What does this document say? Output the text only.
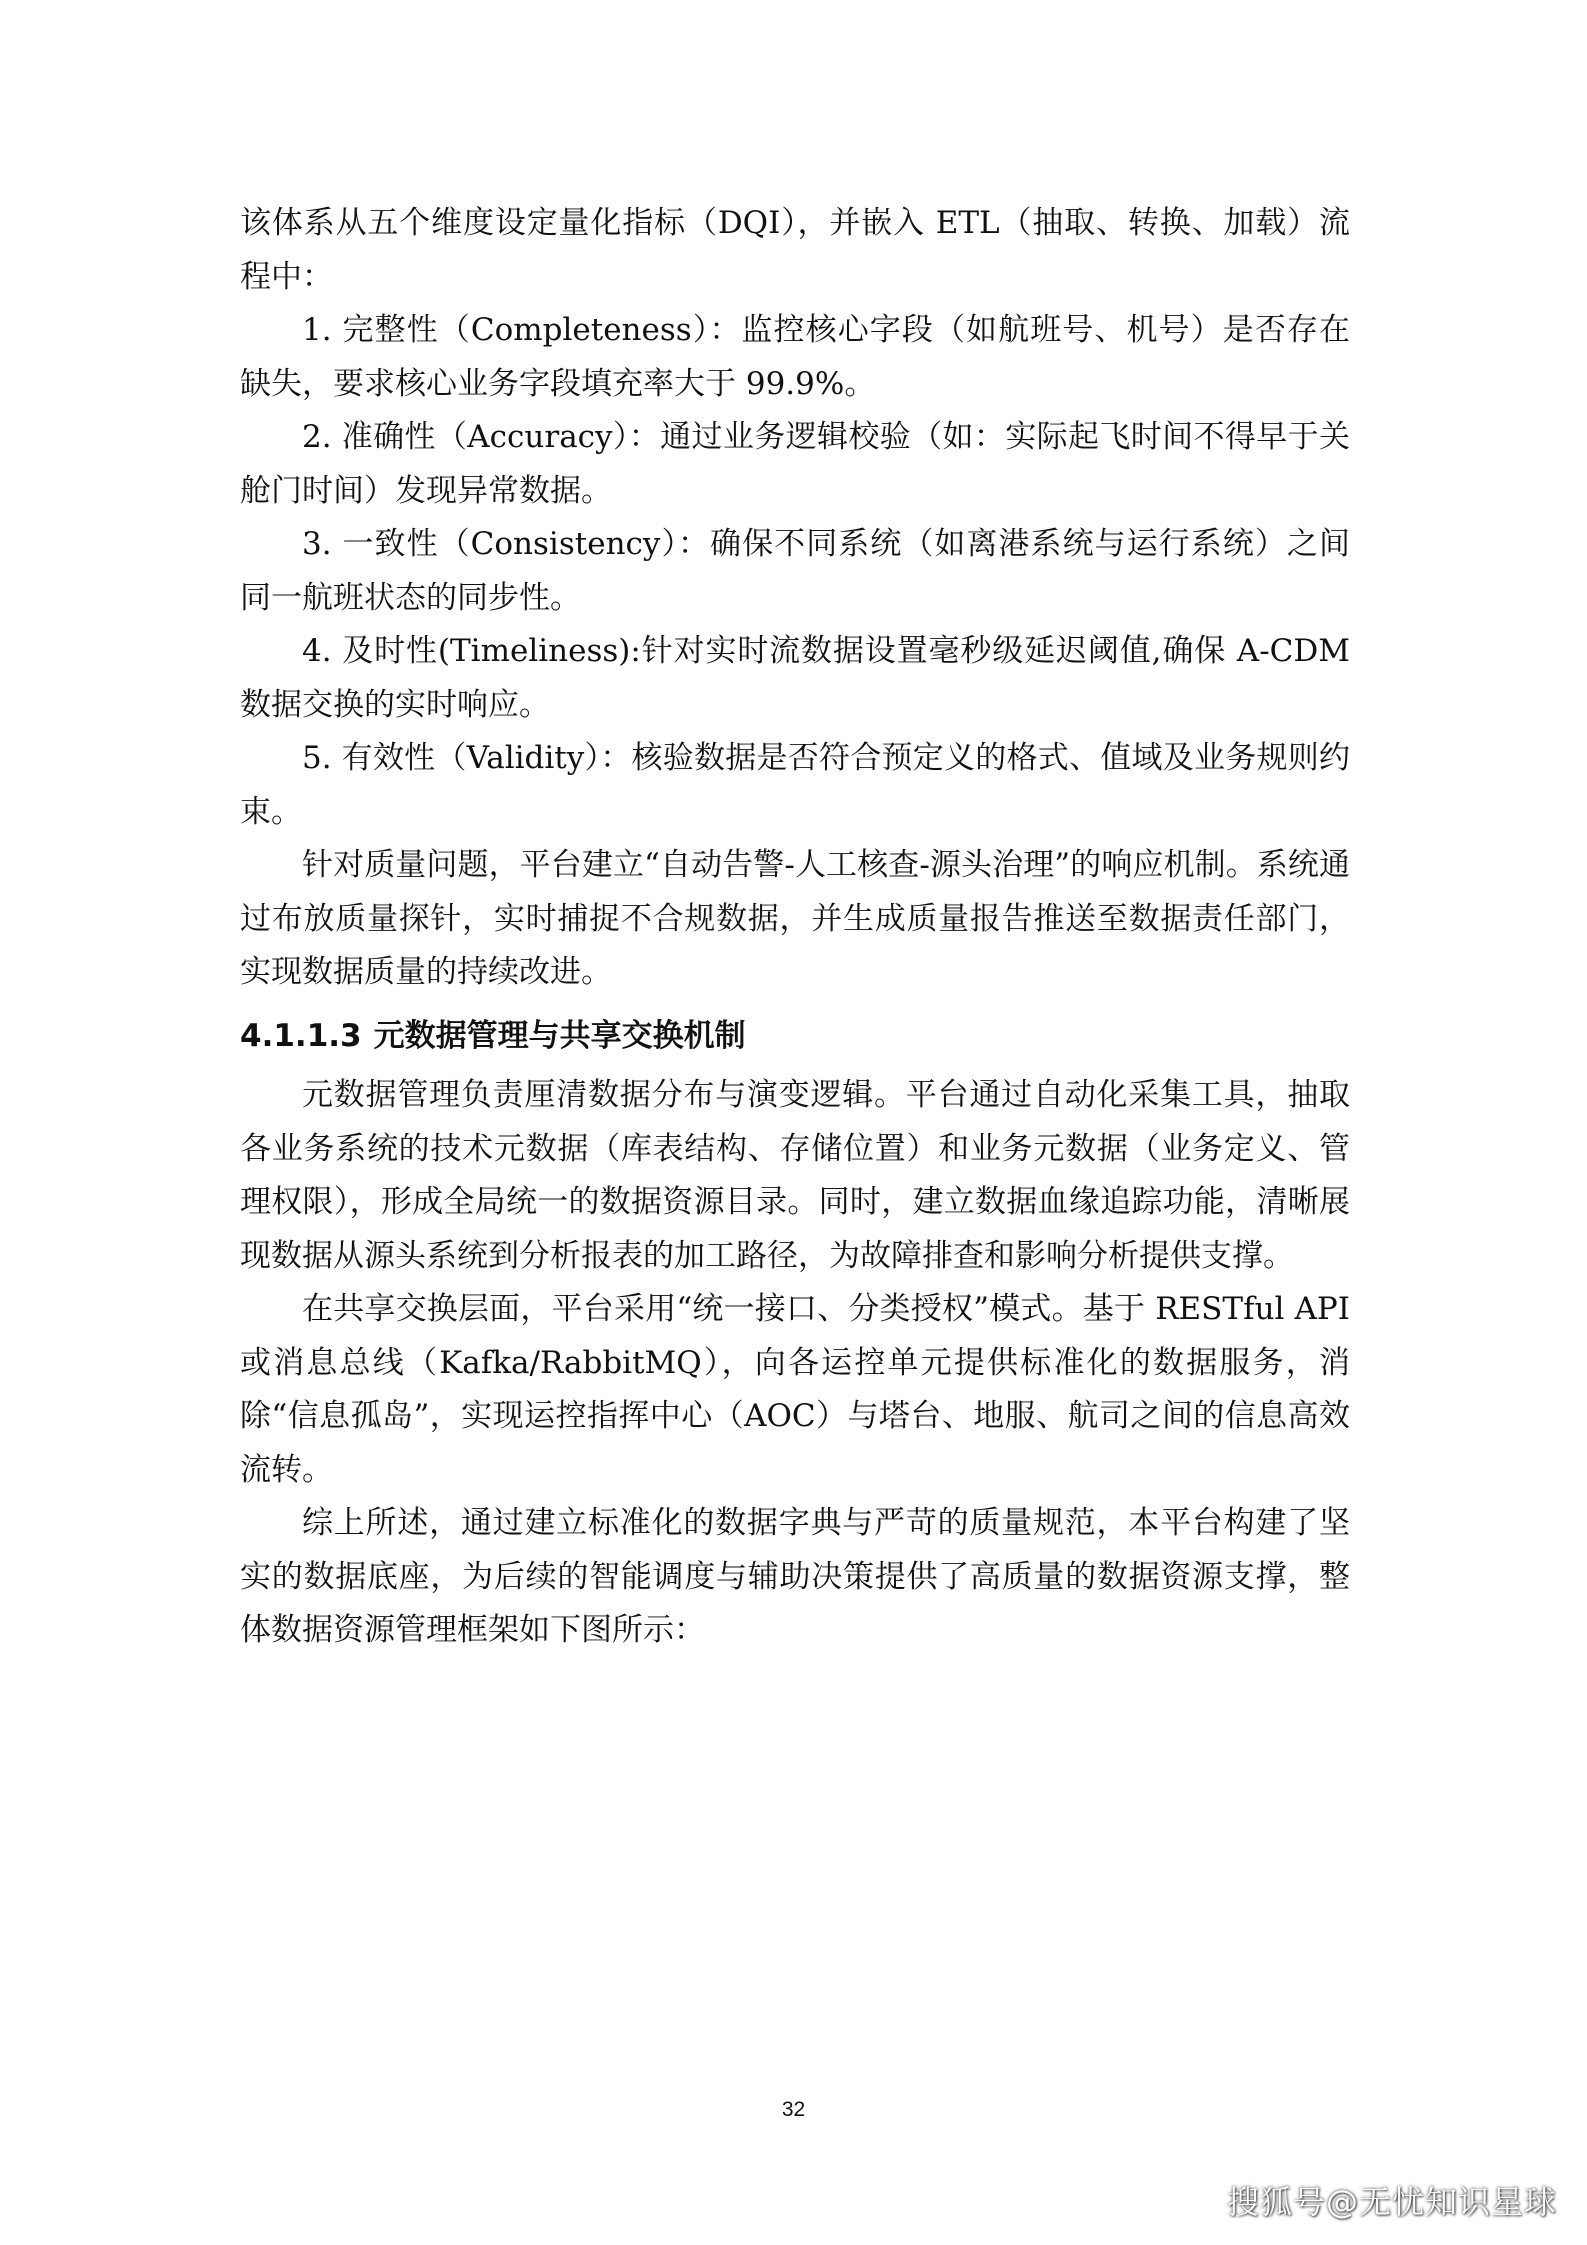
该体系从五个维度设定量化指标（DQI），并嵌入 ETL（抽取、转换、加载）流程中：

1. 完整性（Completeness）：监控核心字段（如航班号、机号）是否存在缺失，要求核心业务字段填充率大于 99.9%。

2. 准确性（Accuracy）：通过业务逻辑校验（如：实际起飞时间不得早于关舱门时间）发现异常数据。

3. 一致性（Consistency）：确保不同系统（如离港系统与运行系统）之间同一航班状态的同步性。

4. 及时性(Timeliness):针对实时流数据设置毫秒级延迟阈值,确保 A-CDM 数据交换的实时响应。

5. 有效性（Validity）：核验数据是否符合预定义的格式、值域及业务规则约束。

针对质量问题，平台建立“自动告警-人工核查-源头治理”的响应机制。系统通过布放质量探针，实时捕捉不合规数据，并生成质量报告推送至数据责任部门，实现数据质量的持续改进。

4.1.1.3 元数据管理与共享交换机制

元数据管理负责厘清数据分布与演变逻辑。平台通过自动化采集工具，抽取各业务系统的技术元数据（库表结构、存储位置）和业务元数据（业务定义、管理权限），形成全局统一的数据资源目录。同时，建立数据血缘追踪功能，清晰展现数据从源头系统到分析报表的加工路径，为故障排查和影响分析提供支撑。

在共享交换层面，平台采用“统一接口、分类授权”模式。基于 RESTful API 或消息总线（Kafka/RabbitMQ），向各运控单元提供标准化的数据服务，消除“信息孤岛”，实现运控指挥中心（AOC）与塔台、地服、航司之间的信息高效流转。

综上所述，通过建立标准化的数据字典与严苛的质量规范，本平台构建了坚实的数据底座，为后续的智能调度与辅助决策提供了高质量的数据资源支撑，整体数据资源管理框架如下图所示：

32
搜狐号@无忧知识星球
